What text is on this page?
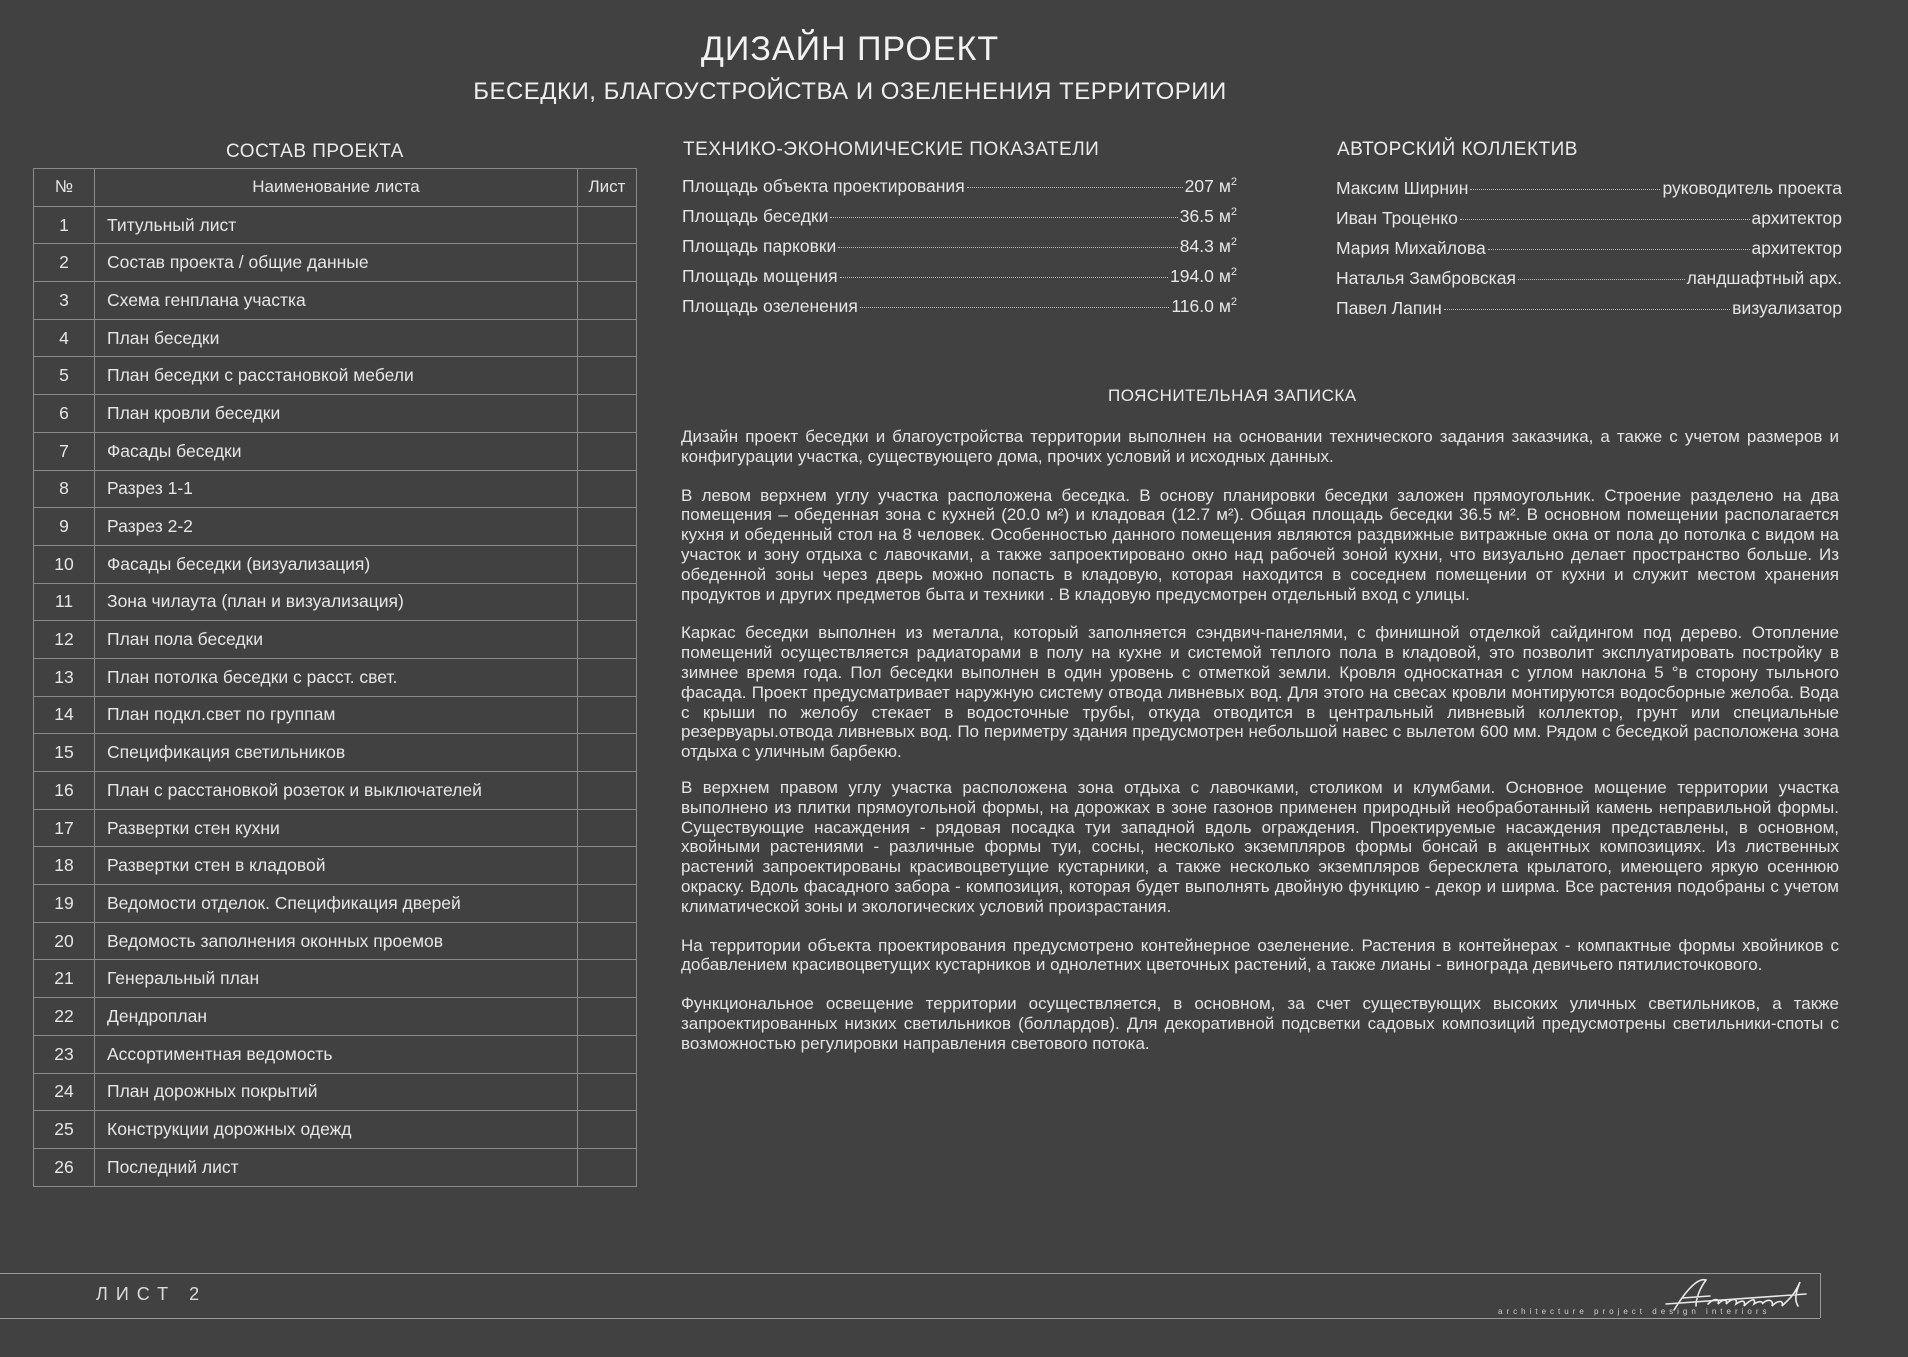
ДИЗАЙН ПРОЕКТ
БЕСЕДКИ, БЛАГОУСТРОЙСТВА И ОЗЕЛЕНЕНИЯ ТЕРРИТОРИИ
СОСТАВ ПРОЕКТА
№	Наименование листа	Лист
1	Титульный лист	
2	Состав проекта / общие данные	
3	Схема генплана участка	
4	План беседки	
5	План беседки с расстановкой мебели	
6	План кровли беседки	
7	Фасады беседки	
8	Разрез 1-1	
9	Разрез 2-2	
10	Фасады беседки (визуализация)	
11	Зона чилаута (план и визуализация)	
12	План пола беседки	
13	План потолка беседки с расст. свет.	
14	План подкл.свет по группам	
15	Спецификация светильников	
16	План с расстановкой розеток и выключателей	
17	Развертки стен кухни	
18	Развертки стен в кладовой	
19	Ведомости отделок. Спецификация дверей	
20	Ведомость заполнения оконных проемов	
21	Генеральный план	
22	Дендроплан	
23	Ассортиментная ведомость	
24	План дорожных покрытий	
25	Конструкции дорожных одежд	
26	Последний лист	
ТЕХНИКО-ЭКОНОМИЧЕСКИЕ ПОКАЗАТЕЛИ
Площадь объекта проектирования	207 $м^2$
Площадь беседки	36.5 $м^2$
Площадь парковки	84.3 $м^2$
Площадь мощения	194.0 $м^2$
Площадь озеленения	116.0 $м^2$
АВТОРСКИЙ КОЛЛЕКТИВ
Максим Ширнин	руководитель проекта
Иван Троценко	архитектор
Мария Михайлова	архитектор
Наталья Замбровская	ландшафтный арх.
Павел Лапин	визуализатор
ПОЯСНИТЕЛЬНАЯ ЗАПИСКА

Дизайн проект беседки и благоустройства территории выполнен на основании технического задания заказчика, а также с учетом размеров и конфигурации участка, существующего дома, прочих условий и исходных данных.

В левом верхнем углу участка расположена беседка. В основу планировки беседки заложен прямоугольник. Строение разделено на два помещения – обеденная зона с кухней (20.0 м²) и кладовая (12.7 м²). Общая площадь беседки 36.5 м². В основном помещении располагается кухня и обеденный стол на 8 человек. Особенностью данного помещения являются раздвижные витражные окна от пола до потолка с видом на участок и зону отдыха с лавочками, а также запроектировано окно над рабочей зоной кухни, что визуально делает пространство больше. Из обеденной зоны через дверь можно попасть в кладовую, которая находится в соседнем помещении от кухни и служит местом хранения продуктов и других предметов быта и техники . В кладовую предусмотрен отдельный вход с улицы.

Каркас беседки выполнен из металла, который заполняется сэндвич-панелями, с финишной отделкой сайдингом под дерево. Отопление помещений осуществляется радиаторами в полу на кухне и системой теплого пола в кладовой, это позволит эксплуатировать постройку в зимнее время года. Пол беседки выполнен в один уровень с отметкой земли. Кровля односкатная с углом наклона 5 °в сторону тыльного фасада. Проект предусматривает наружную систему отвода ливневых вод. Для этого на свесах кровли монтируются водосборные желоба. Вода с крыши по желобу стекает в водосточные трубы, откуда отводится в центральный ливневый коллектор, грунт или специальные резервуары.отвода ливневых вод. По периметру здания предусмотрен небольшой навес с вылетом 600 мм. Рядом с беседкой расположена зона отдыха с уличным барбекю.

В верхнем правом углу участка расположена зона отдыха с лавочками, столиком и клумбами. Основное мощение территории участка выполнено из плитки прямоугольной формы, на дорожках в зоне газонов применен природный необработанный камень неправильной формы. Существующие насаждения - рядовая посадка туи западной вдоль ограждения. Проектируемые насаждения представлены, в основном, хвойными растениями - различные формы туи, сосны, несколько экземпляров формы бонсай в акцентных композициях. Из лиственных растений запроектированы красивоцветущие кустарники, а также несколько экземпляров бересклета крылатого, имеющего яркую осеннюю окраску. Вдоль фасадного забора - композиция, которая будет выполнять двойную функцию - декор и ширма. Все растения подобраны с учетом климатической зоны и экологических условий произрастания.

На территории объекта проектирования предусмотрено контейнерное озеленение. Растения в контейнерах - компактные формы хвойников с добавлением красивоцветущих кустарников и однолетних цветочных растений, а также лианы - винограда девичьего пятилисточкового.

Функциональное освещение территории осуществляется, в основном, за счет существующих высоких уличных светильников, а также запроектированных низких светильников (боллардов). Для декоративной подсветки садовых композиций предусмотрены светильники-споты с возможностью регулировки направления светового потока.

ЛИСТ 2
architecture project design interiors
